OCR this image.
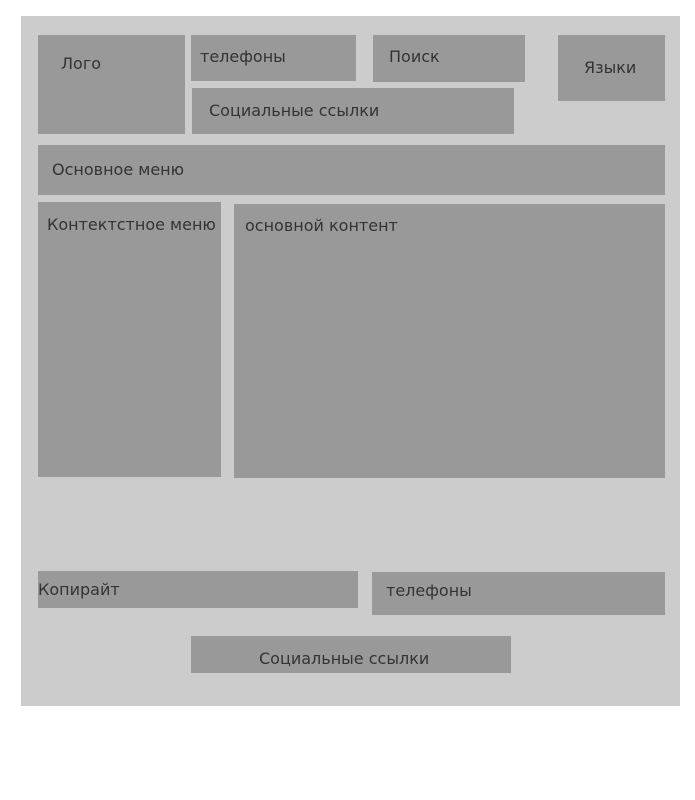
Лого	телефоны	Поиск
Языки
Социальные ссылки
Основное меню
Контектстное меню основной контент
Копирайт	телефоны
Социальные ссылки
